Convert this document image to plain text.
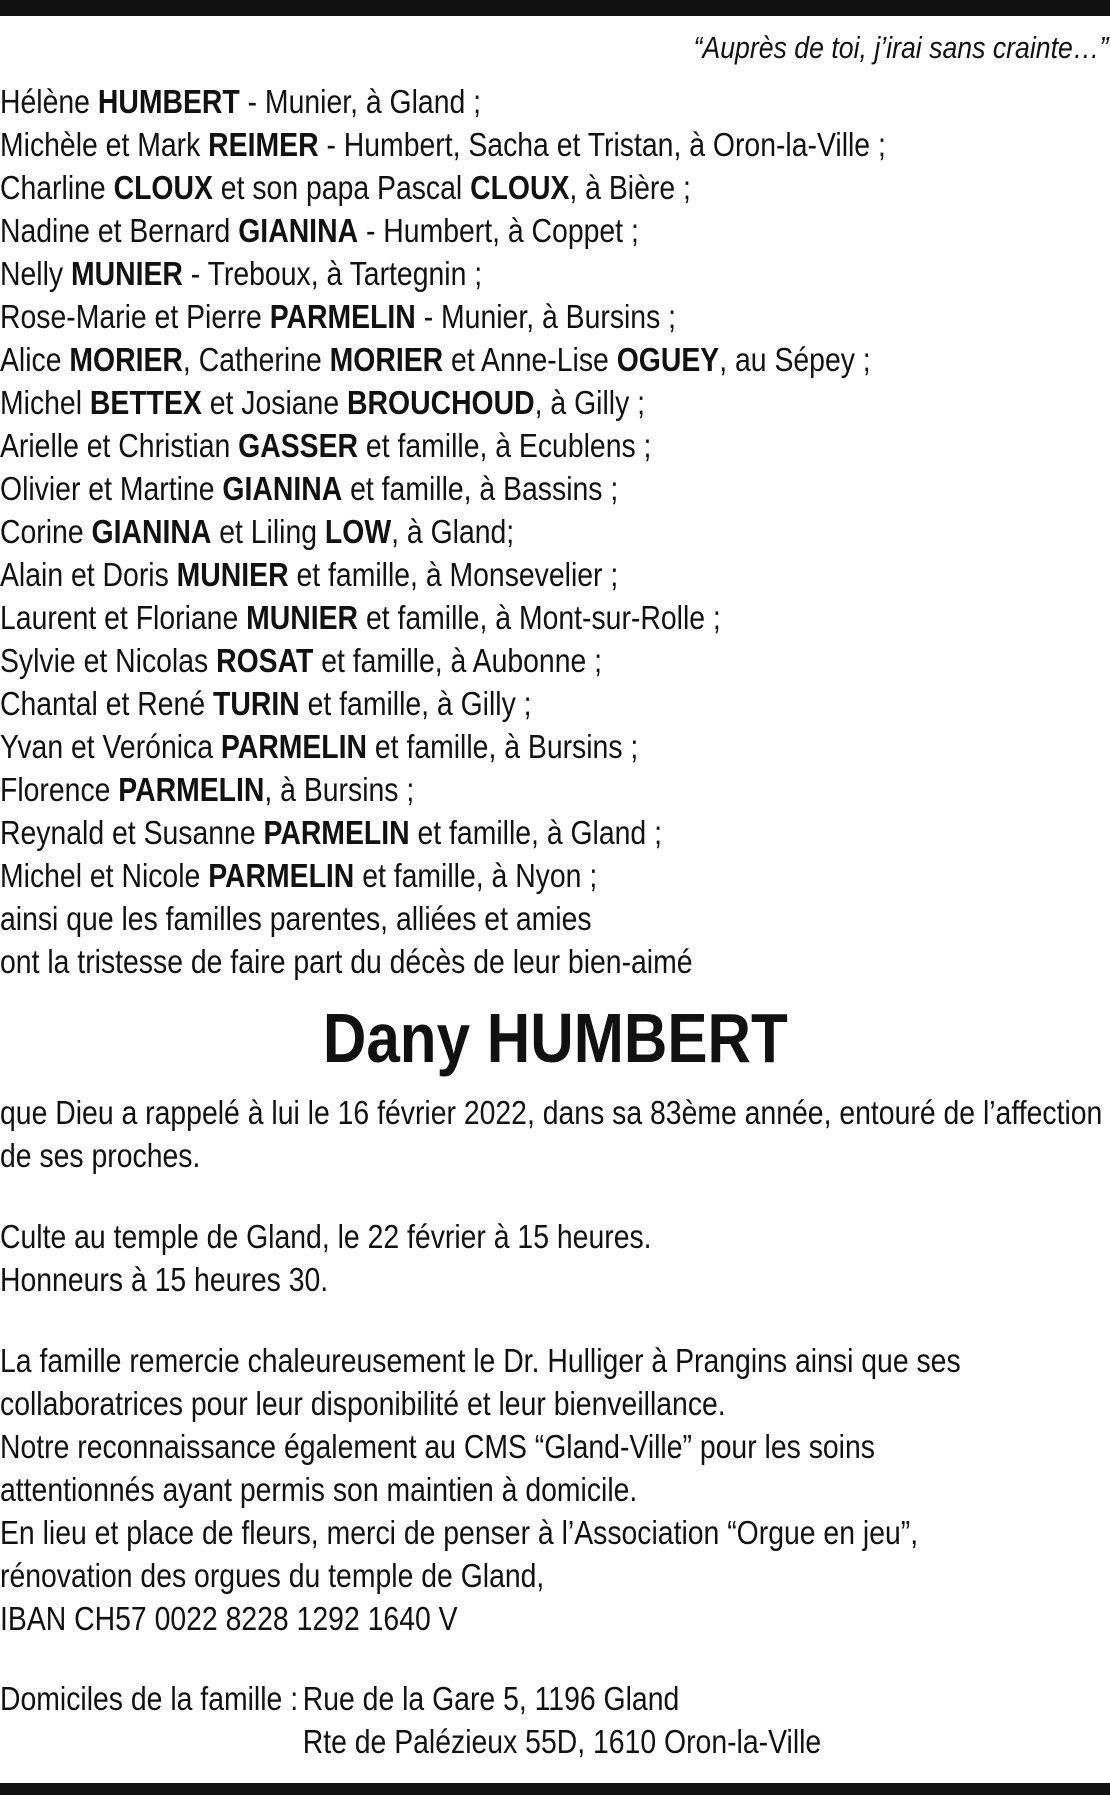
“Auprès de toi, j’irai sans crainte…”
Hélène HUMBERT - Munier, à Gland ;
Michèle et Mark REIMER - Humbert, Sacha et Tristan, à Oron-la-Ville ;
Charline CLOUX et son papa Pascal CLOUX, à Bière ;
Nadine et Bernard GIANINA - Humbert, à Coppet ;
Nelly MUNIER - Treboux, à Tartegnin ;
Rose-Marie et Pierre PARMELIN - Munier, à Bursins ;
Alice MORIER, Catherine MORIER et Anne-Lise OGUEY, au Sépey ;
Michel BETTEX et Josiane BROUCHOUD, à Gilly ;
Arielle et Christian GASSER et famille, à Ecublens ;
Olivier et Martine GIANINA et famille, à Bassins ;
Corine GIANINA et Liling LOW, à Gland;
Alain et Doris MUNIER et famille, à Monsevelier ;
Laurent et Floriane MUNIER et famille, à Mont-sur-Rolle ;
Sylvie et Nicolas ROSAT et famille, à Aubonne ;
Chantal et René TURIN et famille, à Gilly ;
Yvan et Verónica PARMELIN et famille, à Bursins ;
Florence PARMELIN, à Bursins ;
Reynald et Susanne PARMELIN et famille, à Gland ;
Michel et Nicole PARMELIN et famille, à Nyon ;
ainsi que les familles parentes, alliées et amies
ont la tristesse de faire part du décès de leur bien-aimé
Dany HUMBERT
que Dieu a rappelé à lui le 16 février 2022, dans sa 83ème année, entouré de l’affection de ses proches.
Culte au temple de Gland, le 22 février à 15 heures.
Honneurs à 15 heures 30.
La famille remercie chaleureusement le Dr. Hulliger à Prangins ainsi que ses
collaboratrices pour leur disponibilité et leur bienveillance.
Notre reconnaissance également au CMS “Gland-Ville” pour les soins
attentionnés ayant permis son maintien à domicile.
En lieu et place de fleurs, merci de penser à l’Association “Orgue en jeu”,
rénovation des orgues du temple de Gland,
IBAN CH57 0022 8228 1292 1640 V
Domiciles de la famille : Rue de la Gare 5, 1196 Gland
Rte de Palézieux 55D, 1610 Oron-la-Ville
